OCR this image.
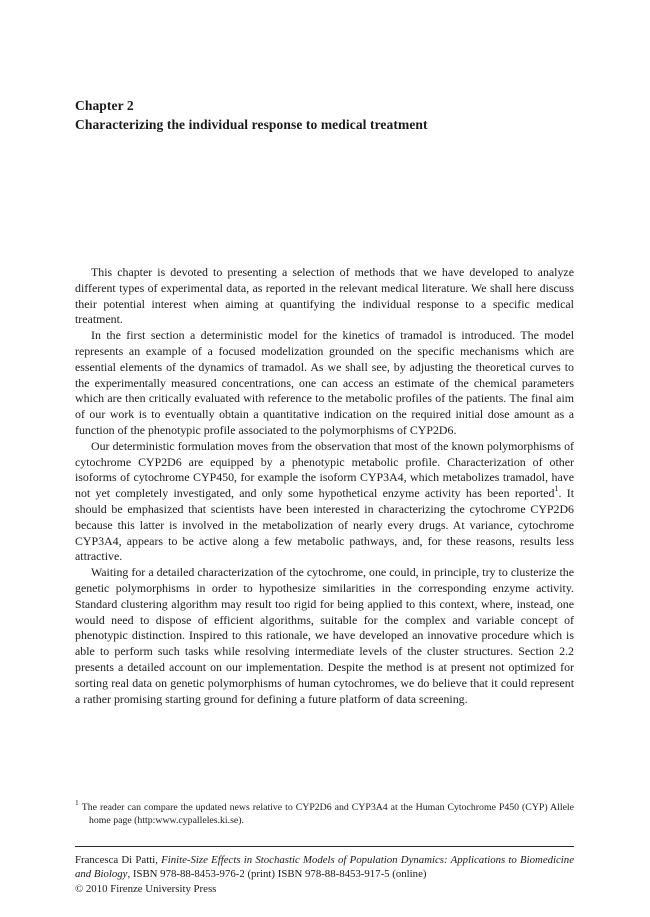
Chapter 2
Characterizing the individual response to medical treatment

This chapter is devoted to presenting a selection of methods that we have developed to analyze different types of experimental data, as reported in the relevant medical literature. We shall here discuss their potential interest when aiming at quantifying the individual response to a specific medical treatment.

In the first section a deterministic model for the kinetics of tramadol is introduced. The model represents an example of a focused modelization grounded on the specific mechanisms which are essential elements of the dynamics of tramadol. As we shall see, by adjusting the theoretical curves to the experimentally measured concentrations, one can access an estimate of the chemical parameters which are then critically evaluated with reference to the metabolic profiles of the patients. The final aim of our work is to eventually obtain a quantitative indication on the required initial dose amount as a function of the phenotypic profile associated to the polymorphisms of CYP2D6.

Our deterministic formulation moves from the observation that most of the known polymorphisms of cytochrome CYP2D6 are equipped by a phenotypic metabolic profile. Characterization of other isoforms of cytochrome CYP450, for example the isoform CYP3A4, which metabolizes tramadol, have not yet completely investigated, and only some hypothetical enzyme activity has been reported$^1$. It should be emphasized that scientists have been interested in characterizing the cytochrome CYP2D6 because this latter is involved in the metabolization of nearly every drugs. At variance, cytochrome CYP3A4, appears to be active along a few metabolic pathways, and, for these reasons, results less attractive.

Waiting for a detailed characterization of the cytochrome, one could, in principle, try to clusterize the genetic polymorphisms in order to hypothesize similarities in the corresponding enzyme activity. Standard clustering algorithm may result too rigid for being applied to this context, where, instead, one would need to dispose of efficient algorithms, suitable for the complex and variable concept of phenotypic distinction. Inspired to this rationale, we have developed an innovative procedure which is able to perform such tasks while resolving intermediate levels of the cluster structures. Section 2.2 presents a detailed account on our implementation. Despite the method is at present not optimized for sorting real data on genetic polymorphisms of human cytochromes, we do believe that it could represent a rather promising starting ground for defining a future platform of data screening.

$^1$ The reader can compare the updated news relative to CYP2D6 and CYP3A4 at the Human Cytochrome P450 (CYP) Allele home page (http:www.cypalleles.ki.se).

Francesca Di Patti, Finite-Size Effects in Stochastic Models of Population Dynamics: Applications to Biomedicine and Biology, ISBN 978-88-8453-976-2 (print) ISBN 978-88-8453-917-5 (online)

© 2010 Firenze University Press
